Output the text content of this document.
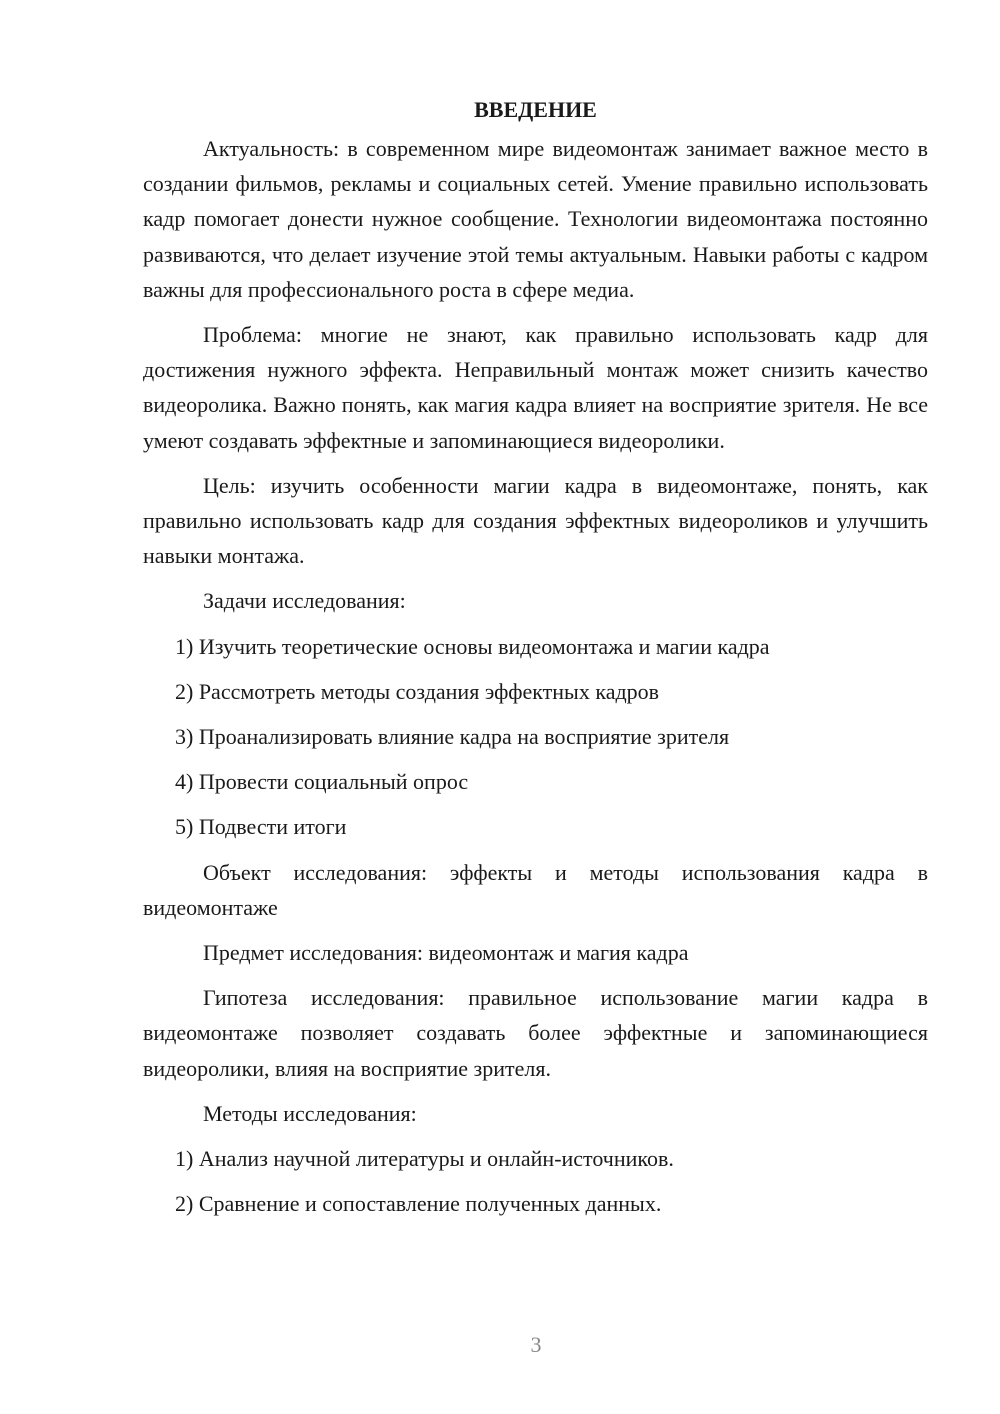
ВВЕДЕНИЕ

Актуальность: в современном мире видеомонтаж занимает важное место в создании фильмов, рекламы и социальных сетей. Умение правильно использовать кадр помогает донести нужное сообщение. Технологии видеомонтажа постоянно развиваются, что делает изучение этой темы актуальным. Навыки работы с кадром важны для профессионального роста в сфере медиа.

Проблема: многие не знают, как правильно использовать кадр для достижения нужного эффекта. Неправильный монтаж может снизить качество видеоролика. Важно понять, как магия кадра влияет на восприятие зрителя. Не все умеют создавать эффектные и запоминающиеся видеоролики.

Цель: изучить особенности магии кадра в видеомонтаже, понять, как правильно использовать кадр для создания эффектных видеороликов и улучшить навыки монтажа.

Задачи исследования:

1) Изучить теоретические основы видеомонтажа и магии кадра
2) Рассмотреть методы создания эффектных кадров
3) Проанализировать влияние кадра на восприятие зрителя
4) Провести социальный опрос
5) Подвести итоги

Объект исследования: эффекты и методы использования кадра в видеомонтаже

Предмет исследования: видеомонтаж и магия кадра

Гипотеза исследования: правильное использование магии кадра в видеомонтаже позволяет создавать более эффектные и запоминающиеся видеоролики, влияя на восприятие зрителя.

Методы исследования:

1) Анализ научной литературы и онлайн-источников.
2) Сравнение и сопоставление полученных данных.
3
